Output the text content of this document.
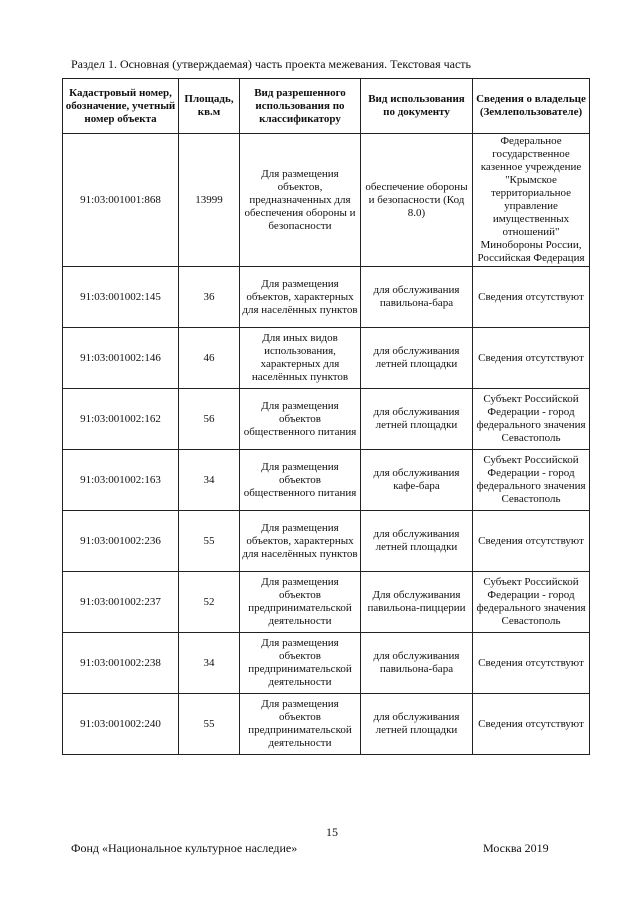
Раздел 1. Основная (утверждаемая) часть проекта межевания. Текстовая часть
Кадастровый номер, обозначение, учетный номер объекта	Площадь, кв.м	Вид разрешенного использования по классификатору	Вид использования по документу	Сведения о владельце (Землепользователе)
91:03:001001:868	13999	Для размещения объектов, предназначенных для обеспечения обороны и безопасности	обеспечение обороны и безопасности (Код 8.0)	Федеральное государственное казенное учреждение "Крымское территориальное управление имущественных отношений" Минобороны России, Российская Федерация
91:03:001002:145	36	Для размещения объектов, характерных для населённых пунктов	для обслуживания павильона-бара	Сведения отсутствуют
91:03:001002:146	46	Для иных видов использования, характерных для населённых пунктов	для обслуживания летней площадки	Сведения отсутствуют
91:03:001002:162	56	Для размещения объектов общественного питания	для обслуживания летней площадки	Субъект Российской Федерации - город федерального значения Севастополь
91:03:001002:163	34	Для размещения объектов общественного питания	для обслуживания кафе-бара	Субъект Российской Федерации - город федерального значения Севастополь
91:03:001002:236	55	Для размещения объектов, характерных для населённых пунктов	для обслуживания летней площадки	Сведения отсутствуют
91:03:001002:237	52	Для размещения объектов предпринимательской деятельности	Для обслуживания павильона-пиццерии	Субъект Российской Федерации - город федерального значения Севастополь
91:03:001002:238	34	Для размещения объектов предпринимательской деятельности	для обслуживания павильона-бара	Сведения отсутствуют
91:03:001002:240	55	Для размещения объектов предпринимательской деятельности	для обслуживания летней площадки	Сведения отсутствуют
15
Фонд «Национальное культурное наследие»	Москва 2019
